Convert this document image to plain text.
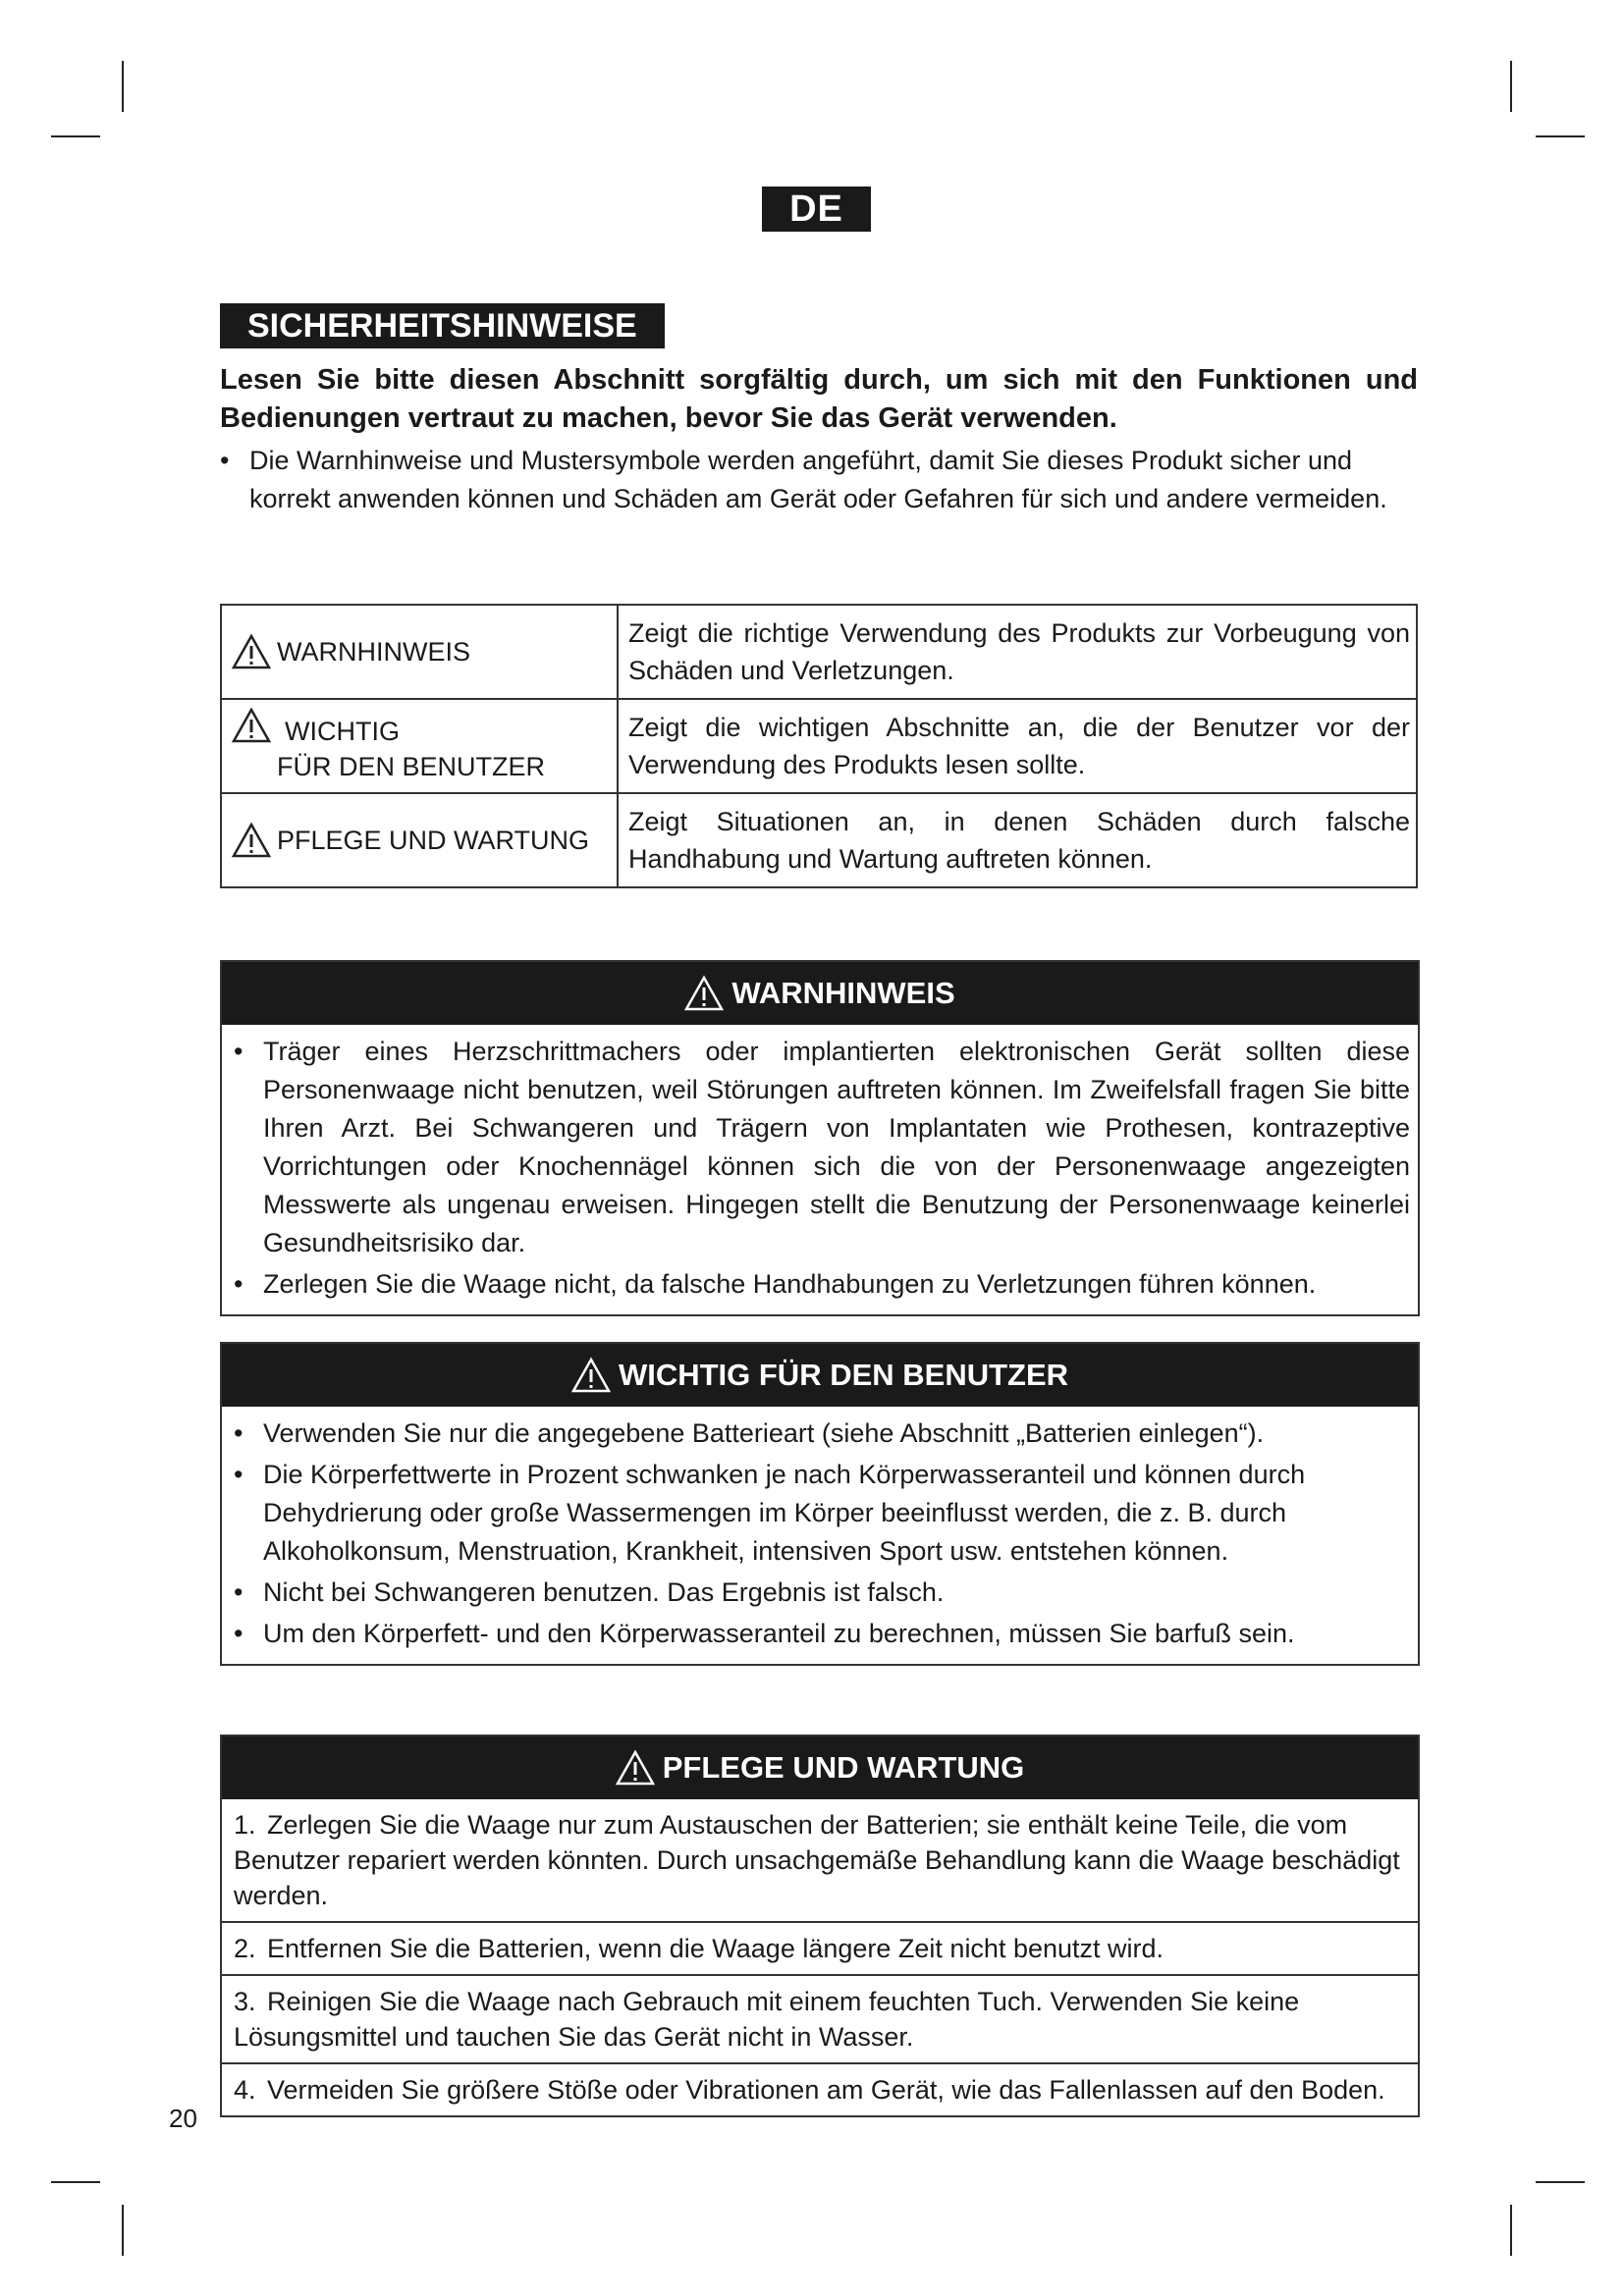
DE
SICHERHEITSHINWEISE
Lesen Sie bitte diesen Abschnitt sorgfältig durch, um sich mit den Funktionen und Bedienungen vertraut zu machen, bevor Sie das Gerät verwenden.
• Die Warnhinweise und Mustersymbole werden angeführt, damit Sie dieses Produkt sicher und korrekt anwenden können und Schäden am Gerät oder Gefahren für sich und andere vermeiden.
WARNHINWEIS	Zeigt die richtige Verwendung des Produkts zur Vorbeugung von Schäden und Verletzungen.

WICHTIG
FÜR DEN BENUTZER	Zeigt die wichtigen Abschnitte an, die der Benutzer vor der Verwendung des Produkts lesen sollte.

PFLEGE UND WARTUNG	Zeigt Situationen an, in denen Schäden durch falsche Handhabung und Wartung auftreten können.
WARNHINWEIS
• Träger eines Herzschrittmachers oder implantierten elektronischen Gerät sollten diese Personenwaage nicht benutzen, weil Störungen auftreten können. Im Zweifelsfall fragen Sie bitte Ihren Arzt. Bei Schwangeren und Trägern von Implantaten wie Prothesen, kontrazeptive Vorrichtungen oder Knochennägel können sich die von der Personenwaage angezeigten Messwerte als ungenau erweisen. Hingegen stellt die Benutzung der Personenwaage keinerlei Gesundheitsrisiko dar.
• Zerlegen Sie die Waage nicht, da falsche Handhabungen zu Verletzungen führen können.
WICHTIG FÜR DEN BENUTZER
• Verwenden Sie nur die angegebene Batterieart (siehe Abschnitt „Batterien einlegen“).
• Die Körperfettwerte in Prozent schwanken je nach Körperwasseranteil und können durch Dehydrierung oder große Wassermengen im Körper beeinflusst werden, die z. B. durch Alkoholkonsum, Menstruation, Krankheit, intensiven Sport usw. entstehen können.
• Nicht bei Schwangeren benutzen. Das Ergebnis ist falsch.
• Um den Körperfett- und den Körperwasseranteil zu berechnen, müssen Sie barfuß sein.
PFLEGE UND WARTUNG
1. Zerlegen Sie die Waage nur zum Austauschen der Batterien; sie enthält keine Teile, die vom Benutzer repariert werden könnten. Durch unsachgemäße Behandlung kann die Waage beschädigt werden.
2. Entfernen Sie die Batterien, wenn die Waage längere Zeit nicht benutzt wird.
3. Reinigen Sie die Waage nach Gebrauch mit einem feuchten Tuch. Verwenden Sie keine Lösungsmittel und tauchen Sie das Gerät nicht in Wasser.
4. Vermeiden Sie größere Stöße oder Vibrationen am Gerät, wie das Fallenlassen auf den Boden.
20
